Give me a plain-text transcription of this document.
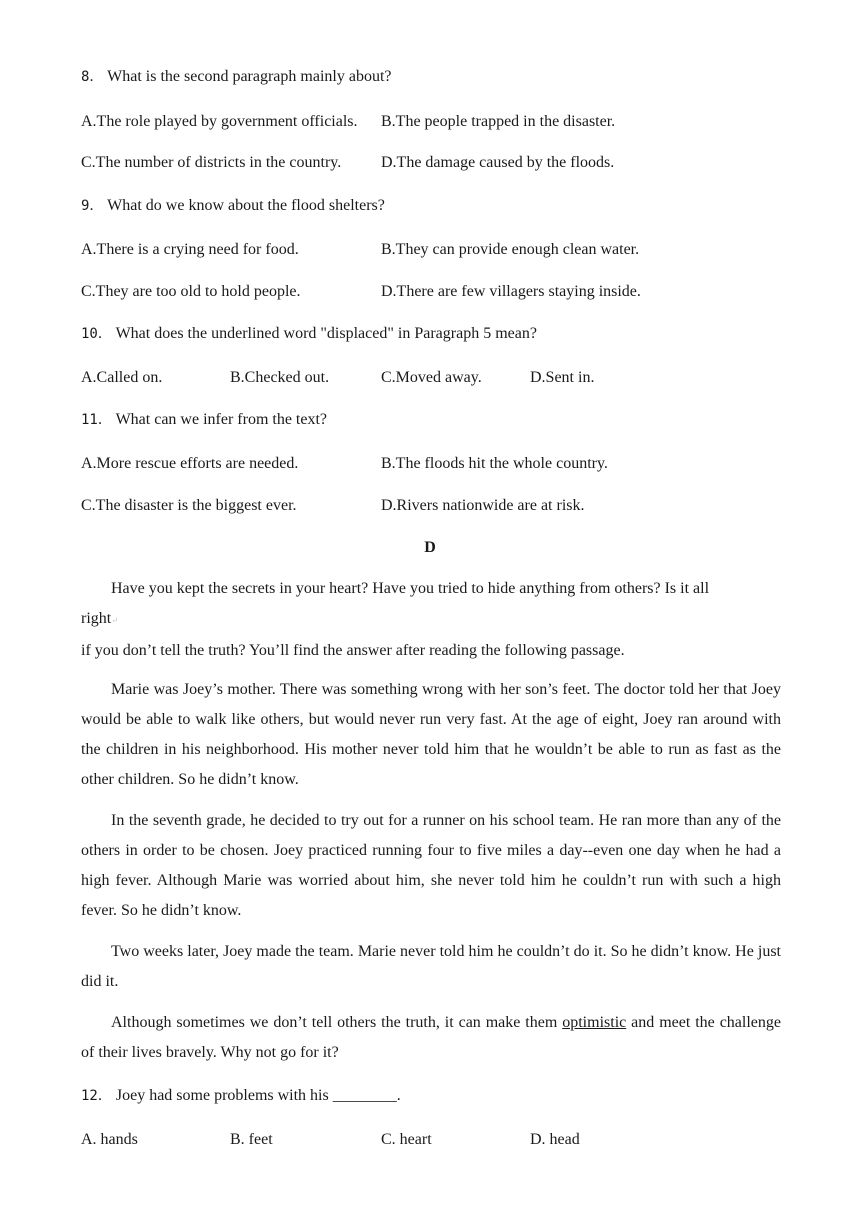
8． What is the second paragraph mainly about?
A.The role played by government officials. B.The people trapped in the disaster.
C.The number of districts in the country. D.The damage caused by the floods.
9． What do we know about the flood shelters?
A.There is a crying need for food.	B.They can provide enough clean water.
C.They are too old to hold people.	D.There are few villagers staying inside.
10． What does the underlined word "displaced" in Paragraph 5 mean?
A.Called on.	B.Checked out.	C.Moved away.	D.Sent in.
11． What can we infer from the text?
A.More rescue efforts are needed.	B.The floods hit the whole country.
C.The disaster is the biggest ever.	D.Rivers nationwide are at risk.
D

Have you kept the secrets in your heart? Have you tried to hide anything from others? Is it all

right↵
if you don’t tell the truth? You’ll find the answer after reading the following passage.

Marie was Joey’s mother. There was something wrong with her son’s feet. The doctor told her that Joey would be able to walk like others, but would never run very fast. At the age of eight, Joey ran around with the children in his neighborhood. His mother never told him that he wouldn’t be able to run as fast as the other children. So he didn’t know.

In the seventh grade, he decided to try out for a runner on his school team. He ran more than any of the others in order to be chosen. Joey practiced running four to five miles a day--even one day when he had a high fever. Although Marie was worried about him, she never told him he couldn’t run with such a high fever. So he didn’t know.

Two weeks later, Joey made the team. Marie never told him he couldn’t do it. So he didn’t know. He just did it.

Although sometimes we don’t tell others the truth, it can make them optimistic and meet the challenge of their lives bravely. Why not go for it?

12． Joey had some problems with his ________.
A. hands	B. feet	C. heart	D. head
